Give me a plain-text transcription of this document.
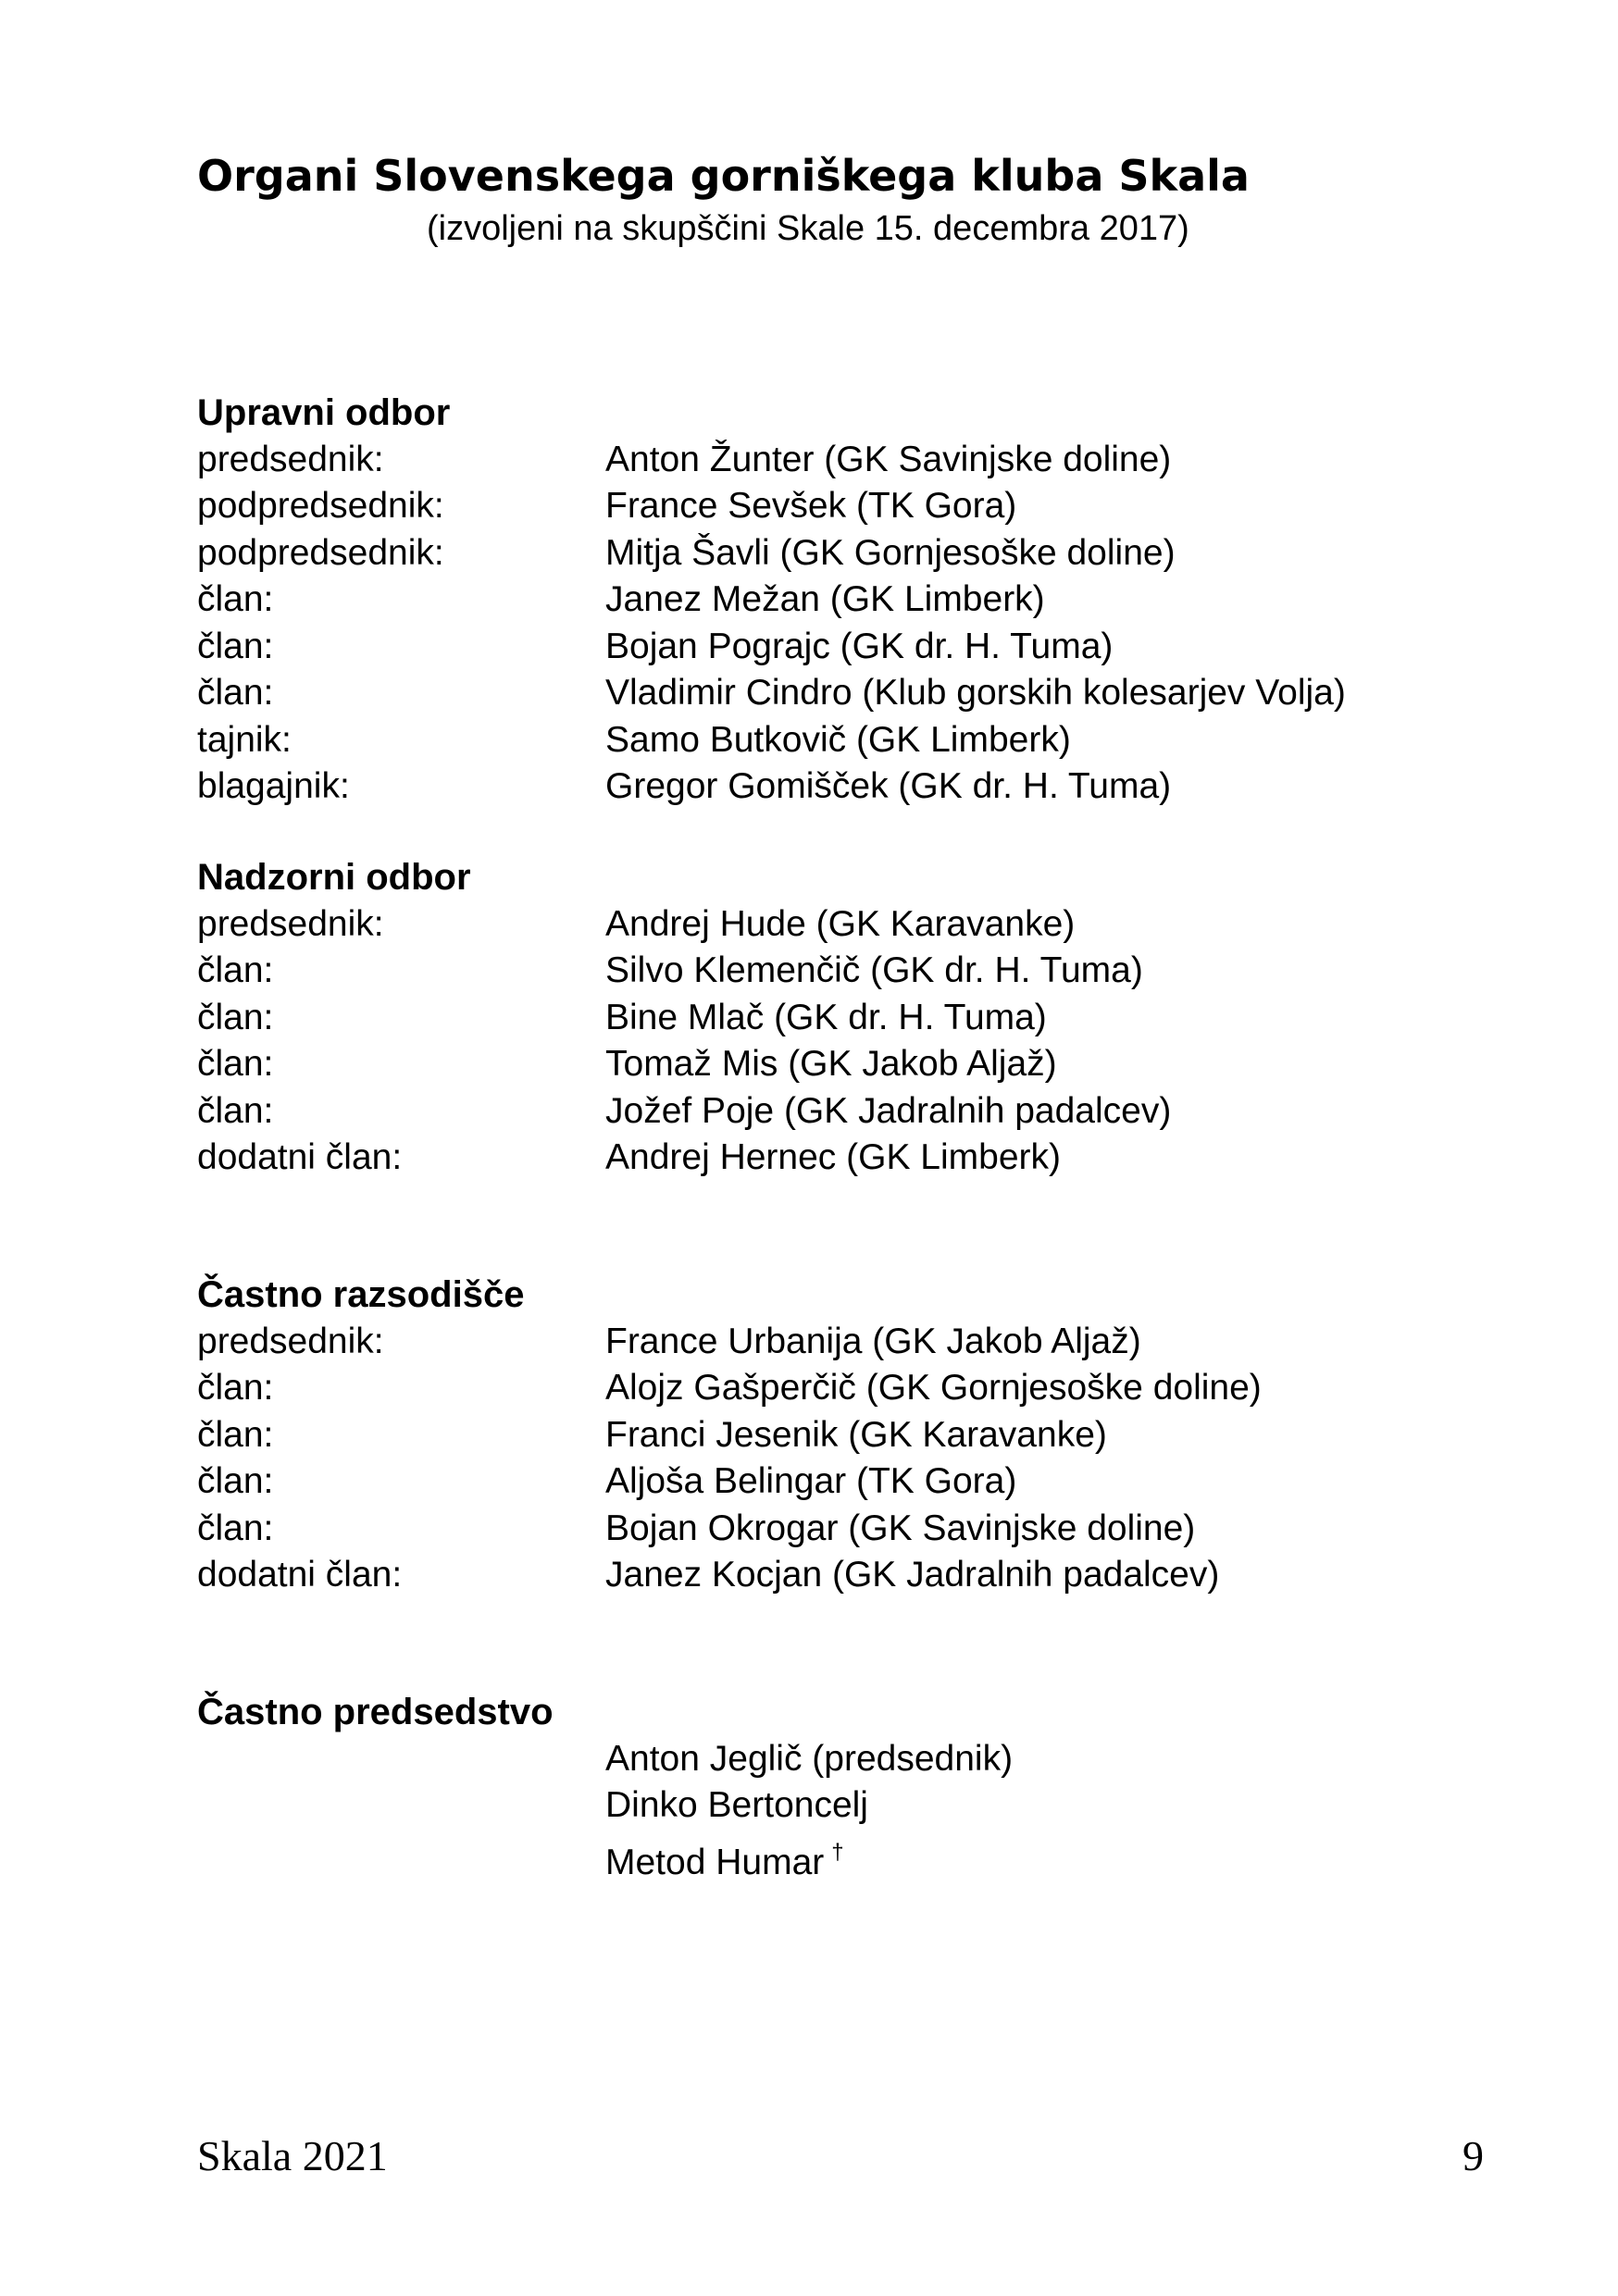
Organi Slovenskega gorniškega kluba Skala

(izvoljeni na skupščini Skale 15. decembra 2017)

Upravni odbor
predsednik:	Anton Žunter (GK Savinjske doline)
podpredsednik:	France Sevšek (TK Gora)
podpredsednik:	Mitja Šavli (GK Gornjesoške doline)
član:	Janez Mežan (GK Limberk)
član:	Bojan Pograjc (GK dr. H. Tuma)
član:	Vladimir Cindro (Klub gorskih kolesarjev Volja)
tajnik:	Samo Butkovič (GK Limberk)
blagajnik:	Gregor Gomišček (GK dr. H. Tuma)
Nadzorni odbor
predsednik:	Andrej Hude (GK Karavanke)
član:	Silvo Klemenčič (GK dr. H. Tuma)
član:	Bine Mlač (GK dr. H. Tuma)
član:	Tomaž Mis (GK Jakob Aljaž)
član:	Jožef Poje (GK Jadralnih padalcev)
dodatni član:	Andrej Hernec (GK Limberk)
Častno razsodišče
predsednik:	France Urbanija (GK Jakob Aljaž)
član:	Alojz Gašperčič (GK Gornjesoške doline)
član:	Franci Jesenik (GK Karavanke)
član:	Aljoša Belingar (TK Gora)
član:	Bojan Okrogar (GK Savinjske doline)
dodatni član:	Janez Kocjan (GK Jadralnih padalcev)
Častno predsedstvo
Anton Jeglič (predsednik)
Dinko Bertoncelj
Metod Humar †
Skala 2021	9
